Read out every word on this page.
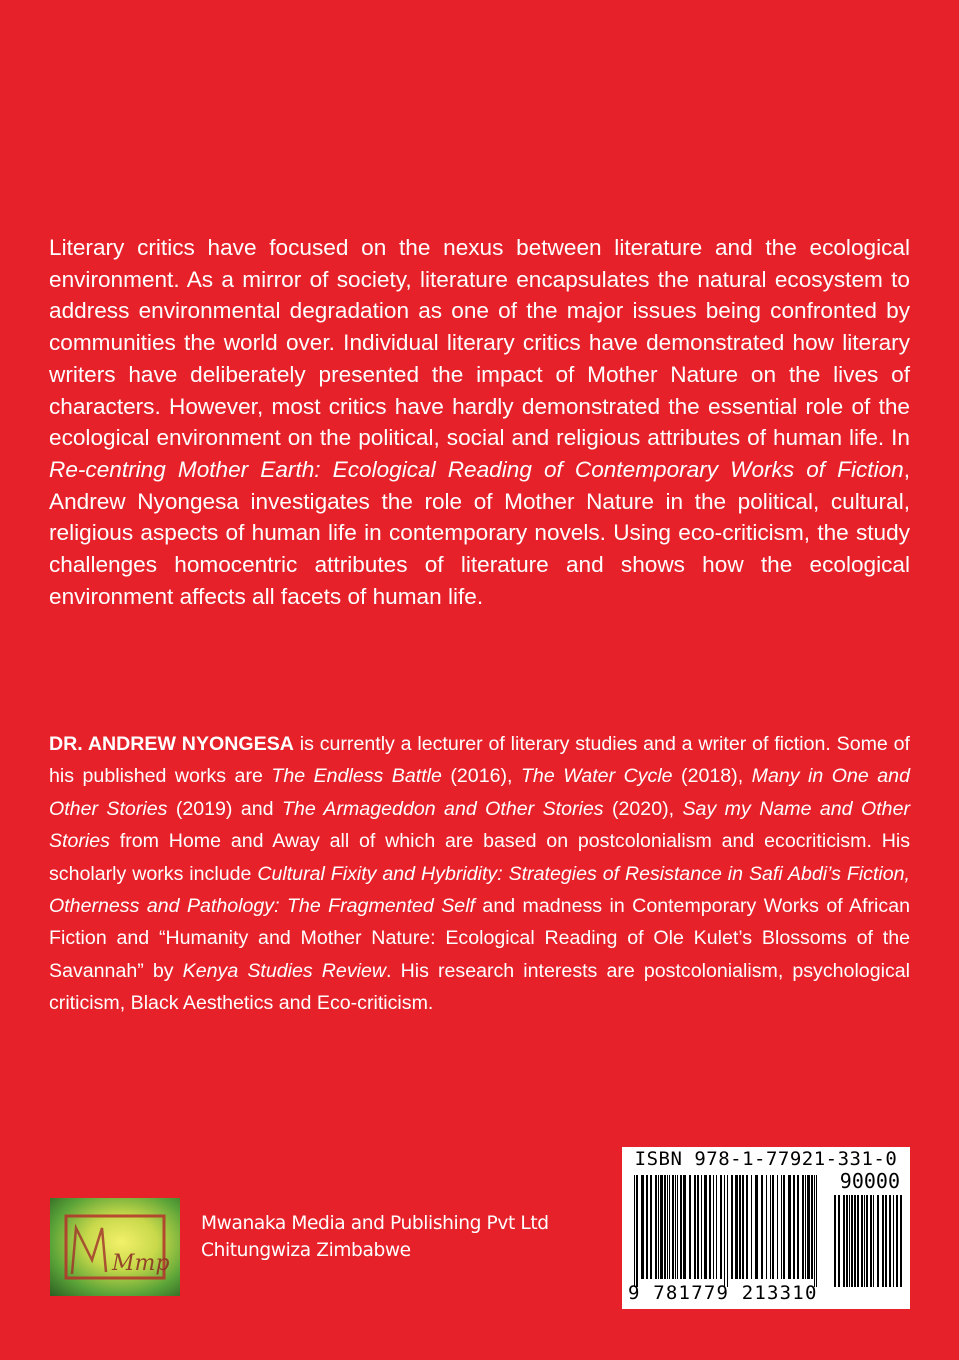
Literary critics have focused on the nexus between literature and the ecological environment. As a mirror of society, literature encapsulates the natural ecosystem to address environmental degradation as one of the major issues being confronted by communities the world over. Individual literary critics have demonstrated how literary writers have deliberately presented the impact of Mother Nature on the lives of characters. However, most critics have hardly demonstrated the essential role of the ecological environment on the political, social and religious attributes of human life. In Re-centring Mother Earth: Ecological Reading of Contemporary Works of Fiction, Andrew Nyongesa investigates the role of Mother Nature in the political, cultural, religious aspects of human life in contemporary novels. Using eco-criticism, the study challenges homocentric attributes of literature and shows how the ecological environment affects all facets of human life.

DR. ANDREW NYONGESA is currently a lecturer of literary studies and a writer of fiction. Some of his published works are The Endless Battle (2016), The Water Cycle (2018), Many in One and Other Stories (2019) and The Armageddon and Other Stories (2020), Say my Name and Other Stories from Home and Away all of which are based on postcolonialism and ecocriticism. His scholarly works include Cultural Fixity and Hybridity: Strategies of Resistance in Safi Abdi’s Fiction, Otherness and Pathology: The Fragmented Self and madness in Contemporary Works of African Fiction and “Humanity and Mother Nature: Ecological Reading of Ole Kulet’s Blossoms of the Savannah” by Kenya Studies Review. His research interests are postcolonialism, psychological criticism, Black Aesthetics and Eco-criticism.

Mmp
Mwanaka Media and Publishing Pvt Ltd
Chitungwiza Zimbabwe
ISBN 978-1-77921-331-0
90000
9 781779 213310
